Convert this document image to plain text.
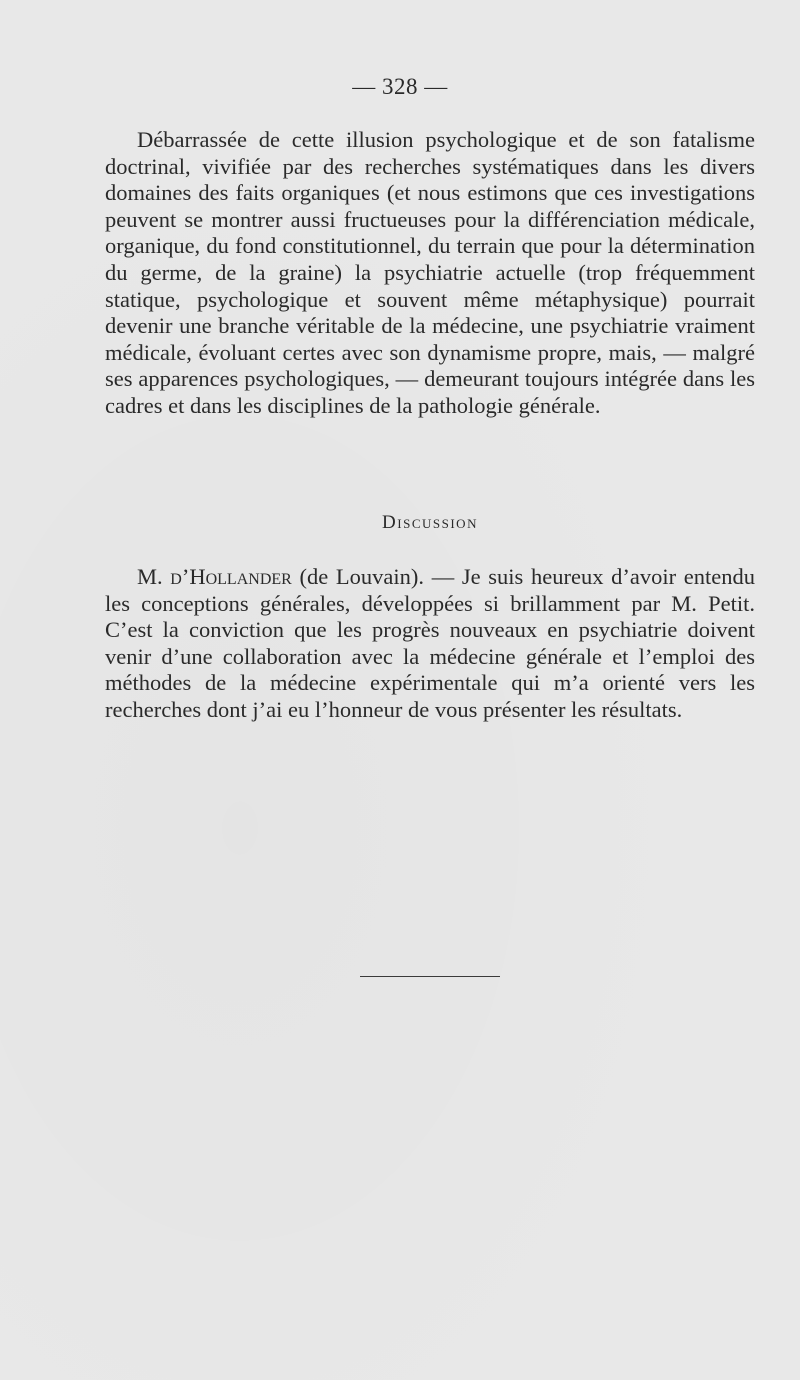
— 328 —

Débarrassée de cette illusion psychologique et de son fatalisme doctrinal, vivifiée par des recherches systématiques dans les divers domaines des faits organiques (et nous estimons que ces investigations peuvent se montrer aussi fructueuses pour la différenciation médicale, organique, du fond constitutionnel, du terrain que pour la détermination du germe, de la graine) la psychiatrie actuelle (trop fréquemment statique, psychologique et souvent même métaphysique) pourrait devenir une branche véritable de la médecine, une psychiatrie vraiment médicale, évoluant certes avec son dynamisme propre, mais, — malgré ses apparences psychologiques, — demeurant toujours intégrée dans les cadres et dans les disciplines de la pathologie générale.

Discussion

M. d’Hollander (de Louvain). — Je suis heureux d’avoir entendu les conceptions générales, développées si brillamment par M. Petit. C’est la conviction que les progrès nouveaux en psychiatrie doivent venir d’une collaboration avec la médecine générale et l’emploi des méthodes de la médecine expérimentale qui m’a orienté vers les recherches dont j’ai eu l’honneur de vous présenter les résultats.
